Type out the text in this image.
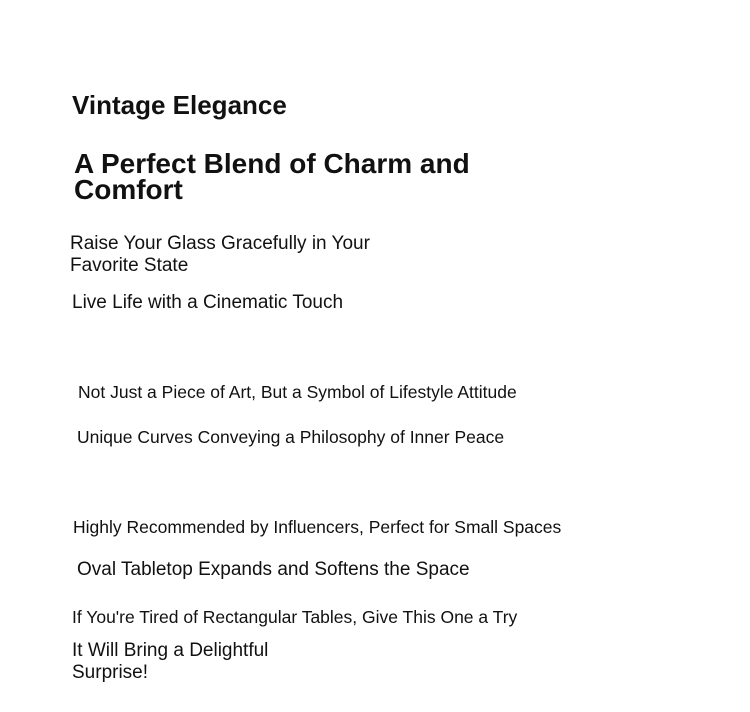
Vintage Elegance
A Perfect Blend of Charm and Comfort

Raise Your Glass Gracefully in Your Favorite State

Live Life with a Cinematic Touch

Not Just a Piece of Art, But a Symbol of Lifestyle Attitude

Unique Curves Conveying a Philosophy of Inner Peace

Highly Recommended by Influencers, Perfect for Small Spaces

Oval Tabletop Expands and Softens the Space

If You're Tired of Rectangular Tables, Give This One a Try

It Will Bring a Delightful Surprise!
